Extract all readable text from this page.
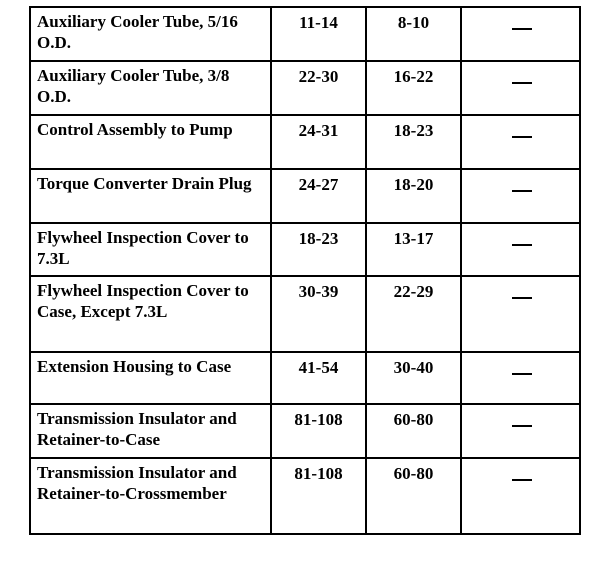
Auxiliary Cooler Tube, 5/16 O.D.	11-14	8-10	
Auxiliary Cooler Tube, 3/8 O.D.	22-30	16-22	
Control Assembly to Pump	24-31	18-23	
Torque Converter Drain Plug	24-27	18-20	
Flywheel Inspection Cover to 7.3L	18-23	13-17	
Flywheel Inspection Cover to Case, Except 7.3L	30-39	22-29	
Extension Housing to Case	41-54	30-40	
Transmission Insulator and Retainer-to-Case	81-108	60-80	
Transmission Insulator and Retainer-to-Crossmember	81-108	60-80	
